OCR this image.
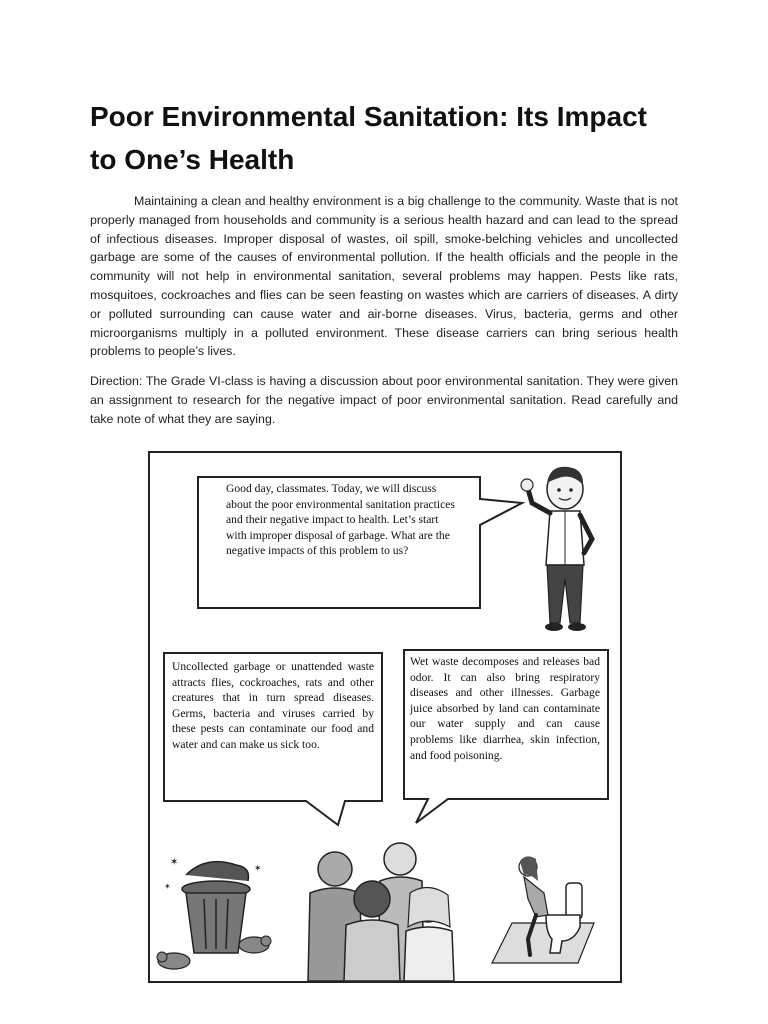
Poor Environmental Sanitation: Its Impact
to One’s Health

Maintaining a clean and healthy environment is a big challenge to the community. Waste that is not properly managed from households and community is a serious health hazard and can lead to the spread of infectious diseases. Improper disposal of wastes, oil spill, smoke-belching vehicles and uncollected garbage are some of the causes of environmental pollution. If the health officials and the people in the community will not help in environmental sanitation, several problems may happen. Pests like rats, mosquitoes, cockroaches and flies can be seen feasting on wastes which are carriers of diseases. A dirty or polluted surrounding can cause water and air-borne diseases. Virus, bacteria, germs and other microorganisms multiply in a polluted environment. These disease carriers can bring serious health problems to people’s lives.

Direction: The Grade VI-class is having a discussion about poor environmental sanitation. They were given an assignment to research for the negative impact of poor environmental sanitation. Read carefully and take note of what they are saying.

Good day, classmates. Today, we will discuss about the poor environmental sanitation practices and their negative impact to health. Let’s start with improper disposal of garbage. What are the negative impacts of this problem to us?

Uncollected garbage or unattended waste attracts flies, cockroaches, rats and other creatures that in turn spread diseases. Germs, bacteria and viruses carried by these pests can contaminate our food and water and can make us sick too.

Wet waste decomposes and releases bad odor. It can also bring respiratory diseases and other illnesses. Garbage juice absorbed by land can contaminate our water supply and can cause problems like diarrhea, skin infection, and food poisoning.

✶	✶
✶
